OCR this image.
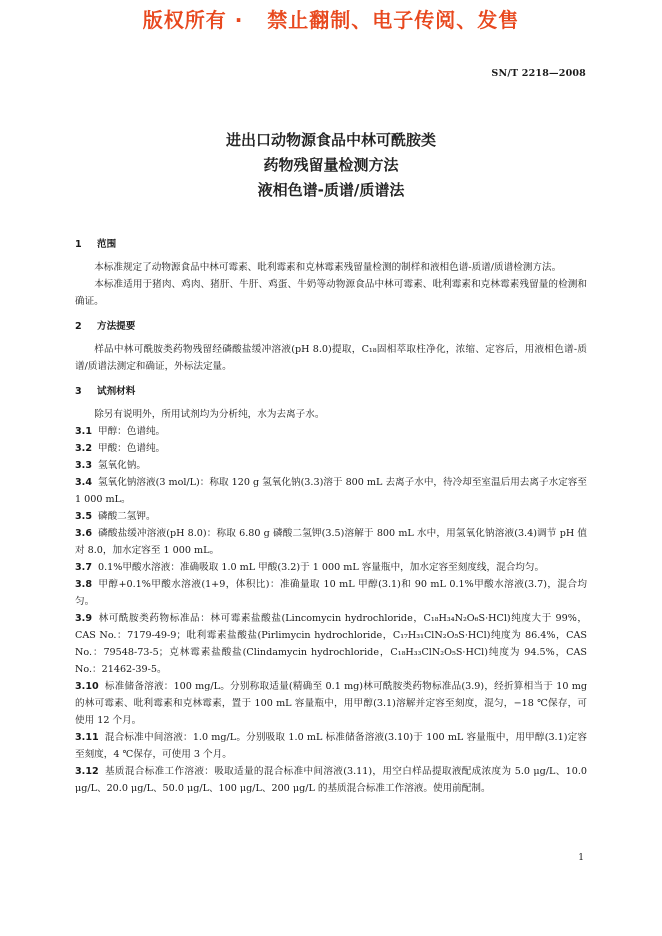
版权所有 ·   禁止翻制、电子传阅、发售
SN/T 2218—2008
进出口动物源食品中林可酰胺类
药物残留量检测方法
液相色谱-质谱/质谱法
1 范围

本标准规定了动物源食品中林可霉素、吡利霉素和克林霉素残留量检测的制样和液相色谱-质谱/质谱检测方法。

本标准适用于猪肉、鸡肉、猪肝、牛肝、鸡蛋、牛奶等动物源食品中林可霉素、吡利霉素和克林霉素残留量的检测和确证。

2 方法提要

样品中林可酰胺类药物残留经磷酸盐缓冲溶液(pH 8.0)提取，C₁₈固相萃取柱净化，浓缩、定容后，用液相色谱-质谱/质谱法测定和确证，外标法定量。

3 试剂材料

除另有说明外，所用试剂均为分析纯，水为去离子水。

3.1 甲醇：色谱纯。

3.2 甲酸：色谱纯。

3.3 氢氧化钠。

3.4 氢氧化钠溶液(3 mol/L)：称取 120 g 氢氧化钠(3.3)溶于 800 mL 去离子水中，待冷却至室温后用去离子水定容至 1 000 mL。

3.5 磷酸二氢钾。

3.6 磷酸盐缓冲溶液(pH 8.0)：称取 6.80 g 磷酸二氢钾(3.5)溶解于 800 mL 水中，用氢氧化钠溶液(3.4)调节 pH 值对 8.0，加水定容至 1 000 mL。

3.7 0.1%甲酸水溶液：准确吸取 1.0 mL 甲酸(3.2)于 1 000 mL 容量瓶中，加水定容至刻度线，混合均匀。

3.8 甲醇+0.1%甲酸水溶液(1+9，体积比)：准确量取 10 mL 甲醇(3.1)和 90 mL 0.1%甲酸水溶液(3.7)，混合均匀。

3.9 林可酰胺类药物标准品：林可霉素盐酸盐(Lincomycin hydrochloride，C₁₈H₃₄N₂O₆S·HCl)纯度大于 99%，CAS No.：7179-49-9；吡利霉素盐酸盐(Pirlimycin hydrochloride，C₁₇H₃₁ClN₂O₅S·HCl)纯度为 86.4%，CAS No.：79548-73-5；克林霉素盐酸盐(Clindamycin hydrochloride，C₁₈H₃₃ClN₂O₅S·HCl)纯度为 94.5%，CAS No.：21462-39-5。

3.10 标准储备溶液：100 mg/L。分别称取适量(精确至 0.1 mg)林可酰胺类药物标准品(3.9)，经折算相当于 10 mg 的林可霉素、吡利霉素和克林霉素，置于 100 mL 容量瓶中，用甲醇(3.1)溶解并定容至刻度，混匀，−18 ℃保存，可使用 12 个月。

3.11 混合标准中间溶液：1.0 mg/L。分别吸取 1.0 mL 标准储备溶液(3.10)于 100 mL 容量瓶中，用甲醇(3.1)定容至刻度，4 ℃保存，可使用 3 个月。

3.12 基质混合标准工作溶液：吸取适量的混合标准中间溶液(3.11)，用空白样品提取液配成浓度为 5.0 μg/L、10.0 μg/L、20.0 μg/L、50.0 μg/L、100 μg/L、200 μg/L 的基质混合标准工作溶液。使用前配制。

1
